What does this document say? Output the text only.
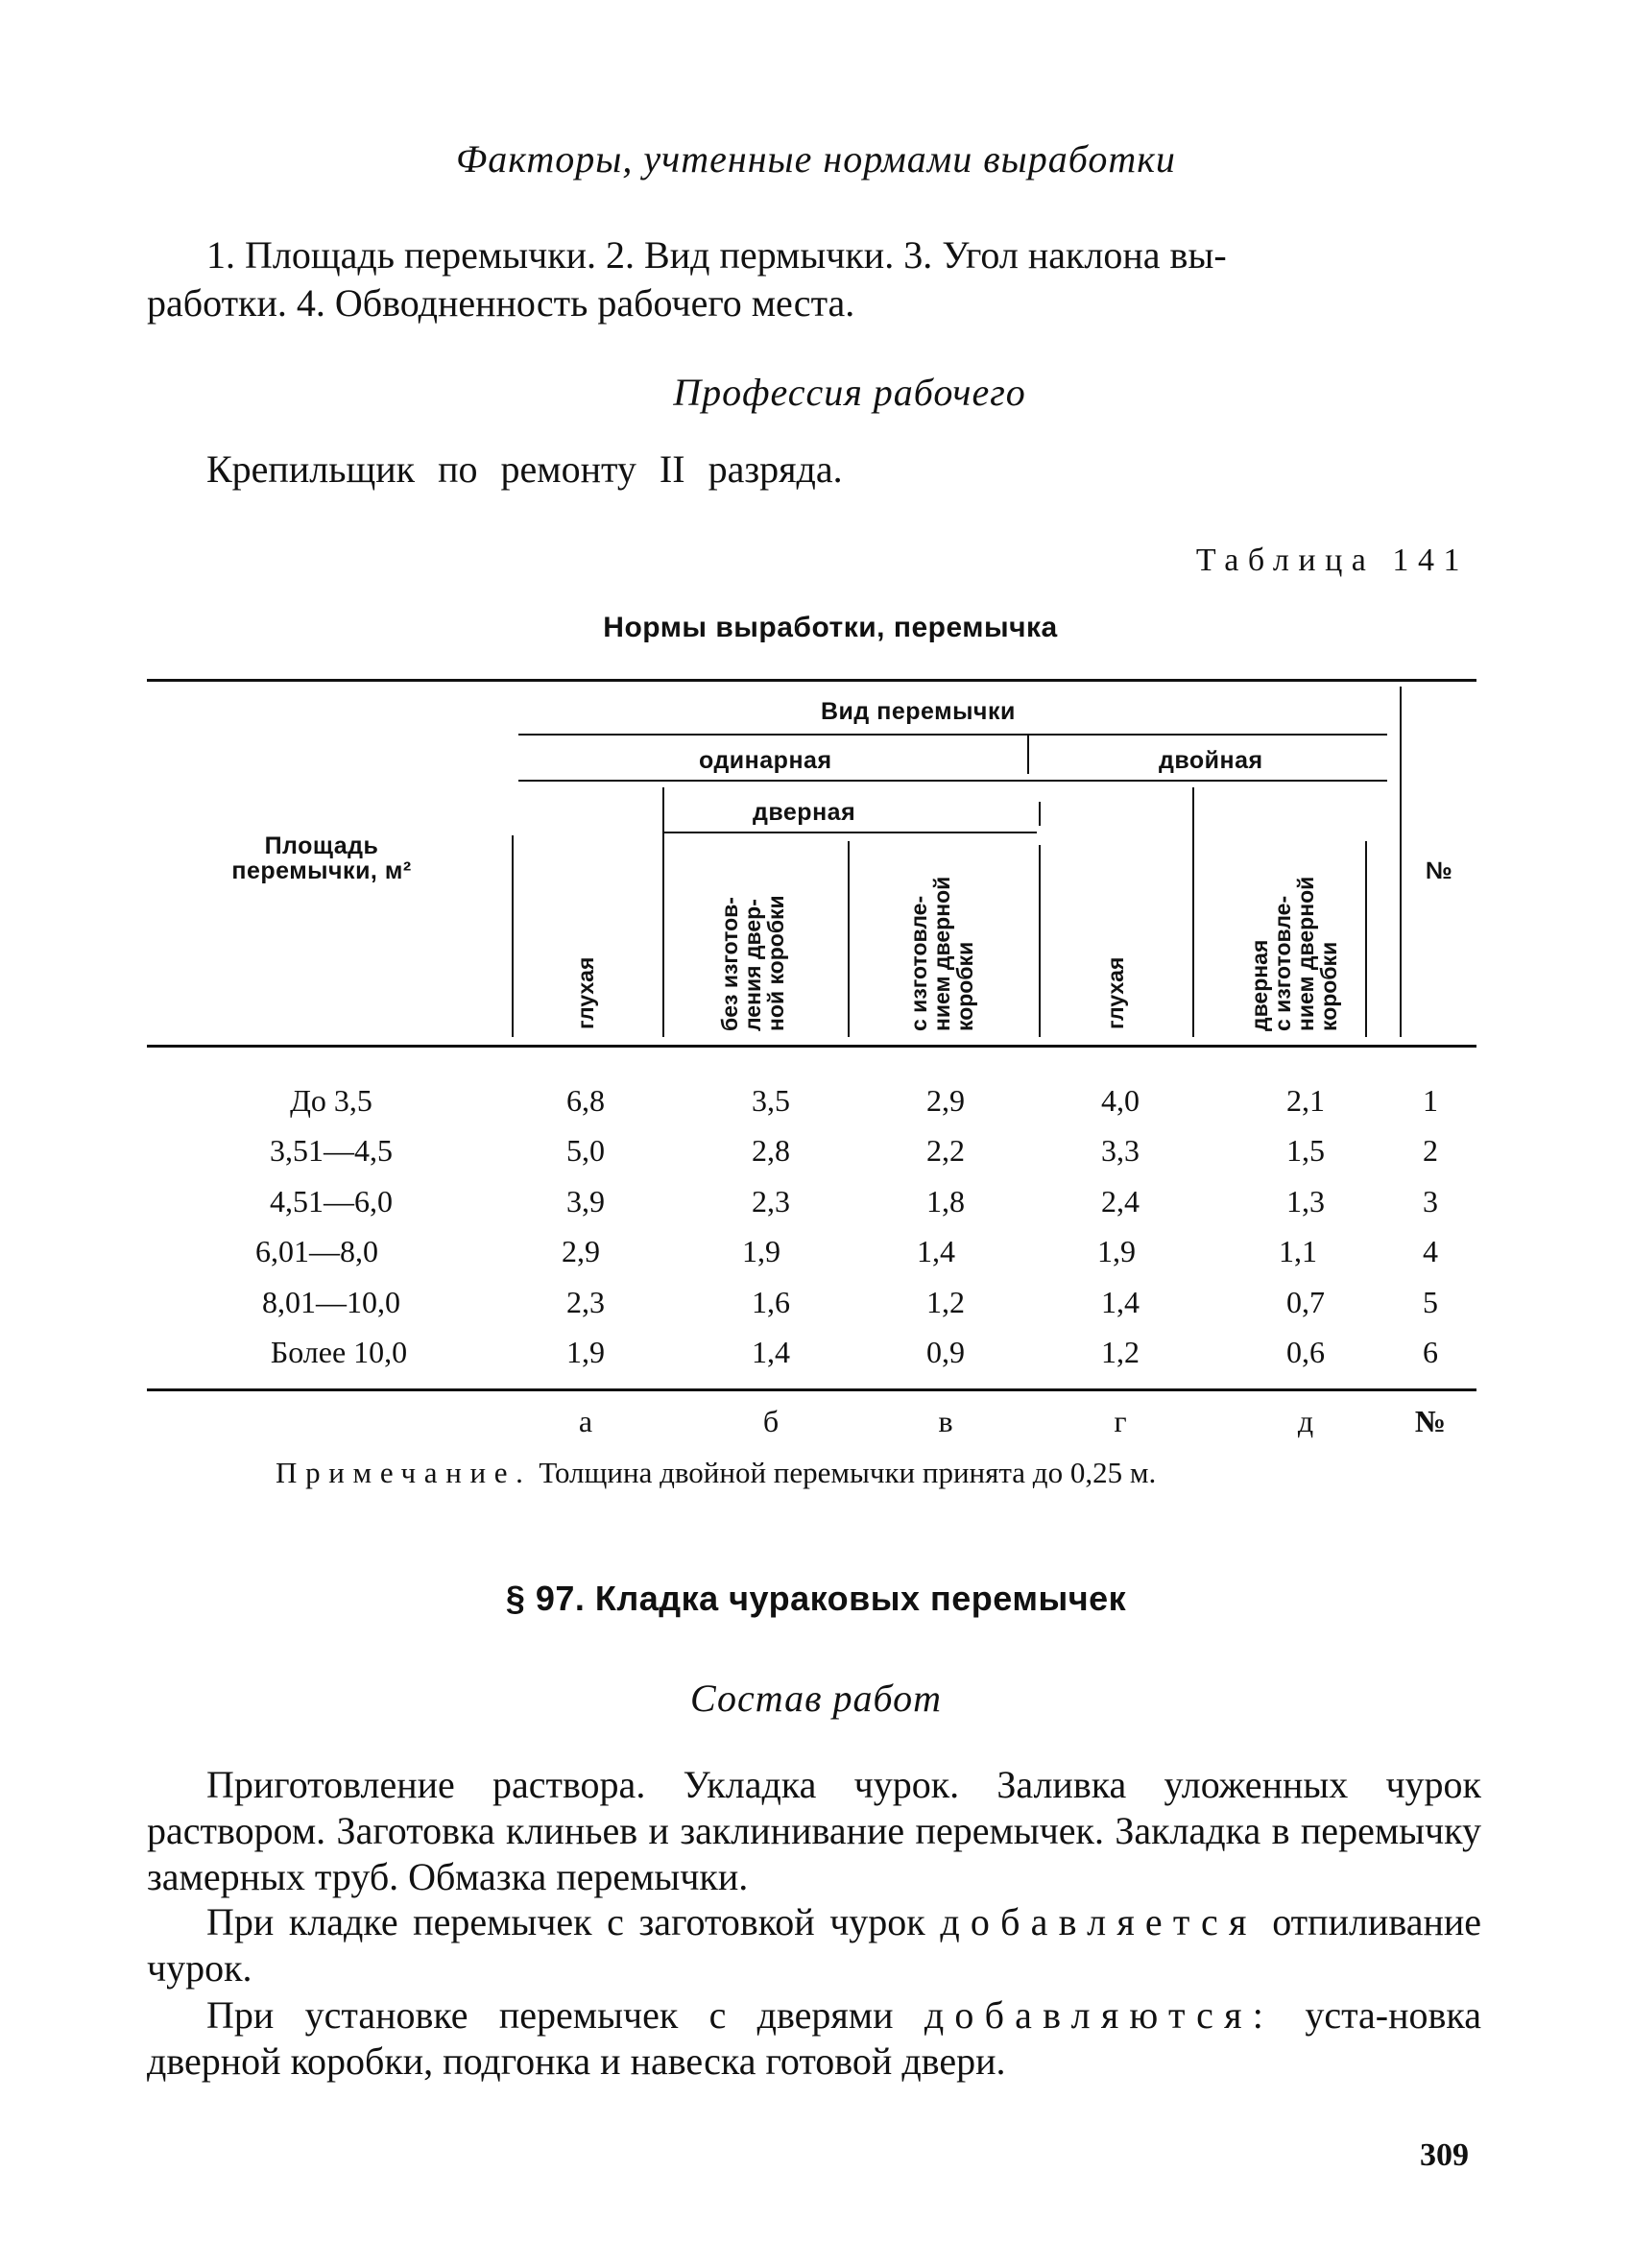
Факторы, учтенные нормами выработки
1. Площадь перемычки. 2. Вид пермычки. 3. Угол наклона вы-
работки. 4. Обводненность рабочего места.
Профессия рабочего
Крепильщик по ремонту II разряда.
Таблица 141
Нормы выработки, перемычка
Вид перемычки
одинарная	двойная
дверная
Площадь
перемычки, м²
глухая	без изготов-
ления двер-
ной коробки
с изготовле-
нием дверной
коробки	глухая	дверная
с изготовле-
нием дверной
коробки
№
До 3,5	6,8	3,5	2,9	4,0	2,1	1
3,51—4,5	5,0	2,8	2,2	3,3	1,5	2
4,51—6,0	3,9	2,3	1,8	2,4	1,3	3
6,01—8,0	2,9	1,9	1,4	1,9	1,1	4
8,01—10,0	2,3	1,6	1,2	1,4	0,7	5
Более 10,0	1,9	1,4	0,9	1,2	0,6	6
а	б	в	г	д	№
Примечание. Толщина двойной перемычки принята до 0,25 м.
§ 97. Кладка чураковых перемычек
Состав работ
Приготовление раствора. Укладка чурок. Заливка уложенных чурок раствором. Заготовка клиньев и заклинивание перемычек. Закладка в перемычку замерных труб. Обмазка перемычки.
При кладке перемычек с заготовкой чурок добавляется отпиливание чурок.
При установке перемычек с дверями добавляются: уста-новка дверной коробки, подгонка и навеска готовой двери.
309
